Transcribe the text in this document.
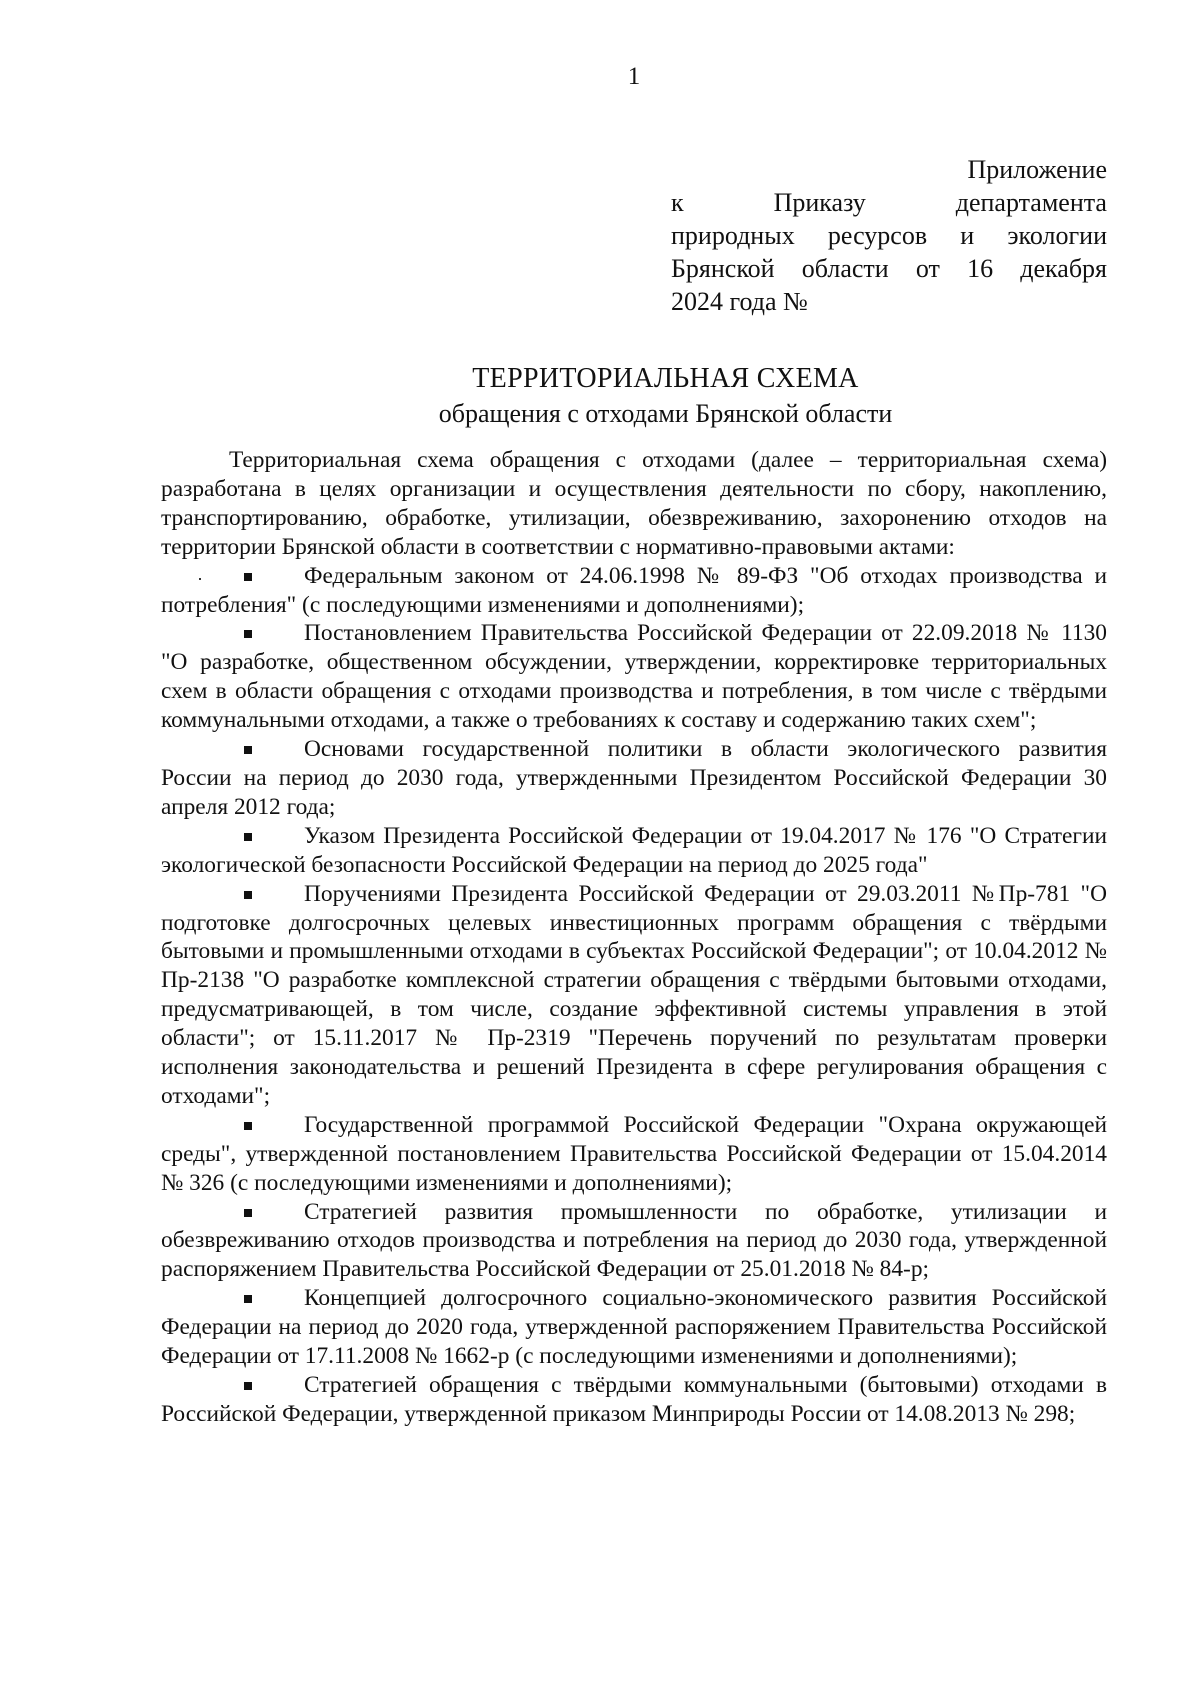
1
Приложение
к	Приказу	департамента
природных ресурсов и экологии
Брянской области от 16 декабря
2024 года №
ТЕРРИТОРИАЛЬНАЯ СХЕМА
обращения с отходами Брянской области

Территориальная схема обращения с отходами (далее – территориальная схема) разработана в целях организации и осуществления деятельности по сбору, накоплению, транспортированию, обработке, утилизации, обезвреживанию, захоронению отходов на территории Брянской области в соответствии с нормативно-правовыми актами:

Федеральным законом от 24.06.1998 № 89-ФЗ "Об отходах производства и потребления" (с последующими изменениями и дополнениями);

Постановлением Правительства Российской Федерации от 22.09.2018 № 1130 "О разработке, общественном обсуждении, утверждении, корректировке территориальных схем в области обращения с отходами производства и потребления, в том числе с твёрдыми коммунальными отходами, а также о требованиях к составу и содержанию таких схем";

Основами государственной политики в области экологического развития России на период до 2030 года, утвержденными Президентом Российской Федерации 30 апреля 2012 года;

Указом Президента Российской Федерации от 19.04.2017 № 176 "О Стратегии экологической безопасности Российской Федерации на период до 2025 года"

Поручениями Президента Российской Федерации от 29.03.2011 №Пр-781 "О подготовке долгосрочных целевых инвестиционных программ обращения с твёрдыми бытовыми и промышленными отходами в субъектах Российской Федерации"; от 10.04.2012 № Пр-2138 "О разработке комплексной стратегии обращения с твёрдыми бытовыми отходами, предусматривающей, в том числе, создание эффективной системы управления в этой области"; от 15.11.2017 № Пр-2319 "Перечень поручений по результатам проверки исполнения законодательства и решений Президента в сфере регулирования обращения с отходами";

Государственной программой Российской Федерации "Охрана окружающей среды", утвержденной постановлением Правительства Российской Федерации от 15.04.2014 № 326 (с последующими изменениями и дополнениями);

Стратегией развития промышленности по обработке, утилизации и обезвреживанию отходов производства и потребления на период до 2030 года, утвержденной распоряжением Правительства Российской Федерации от 25.01.2018 № 84-р;

Концепцией долгосрочного социально-экономического развития Российской Федерации на период до 2020 года, утвержденной распоряжением Правительства Российской Федерации от 17.11.2008 № 1662-р (с последующими изменениями и дополнениями);

Стратегией обращения с твёрдыми коммунальными (бытовыми) отходами в Российской Федерации, утвержденной приказом Минприроды России от 14.08.2013 № 298;
